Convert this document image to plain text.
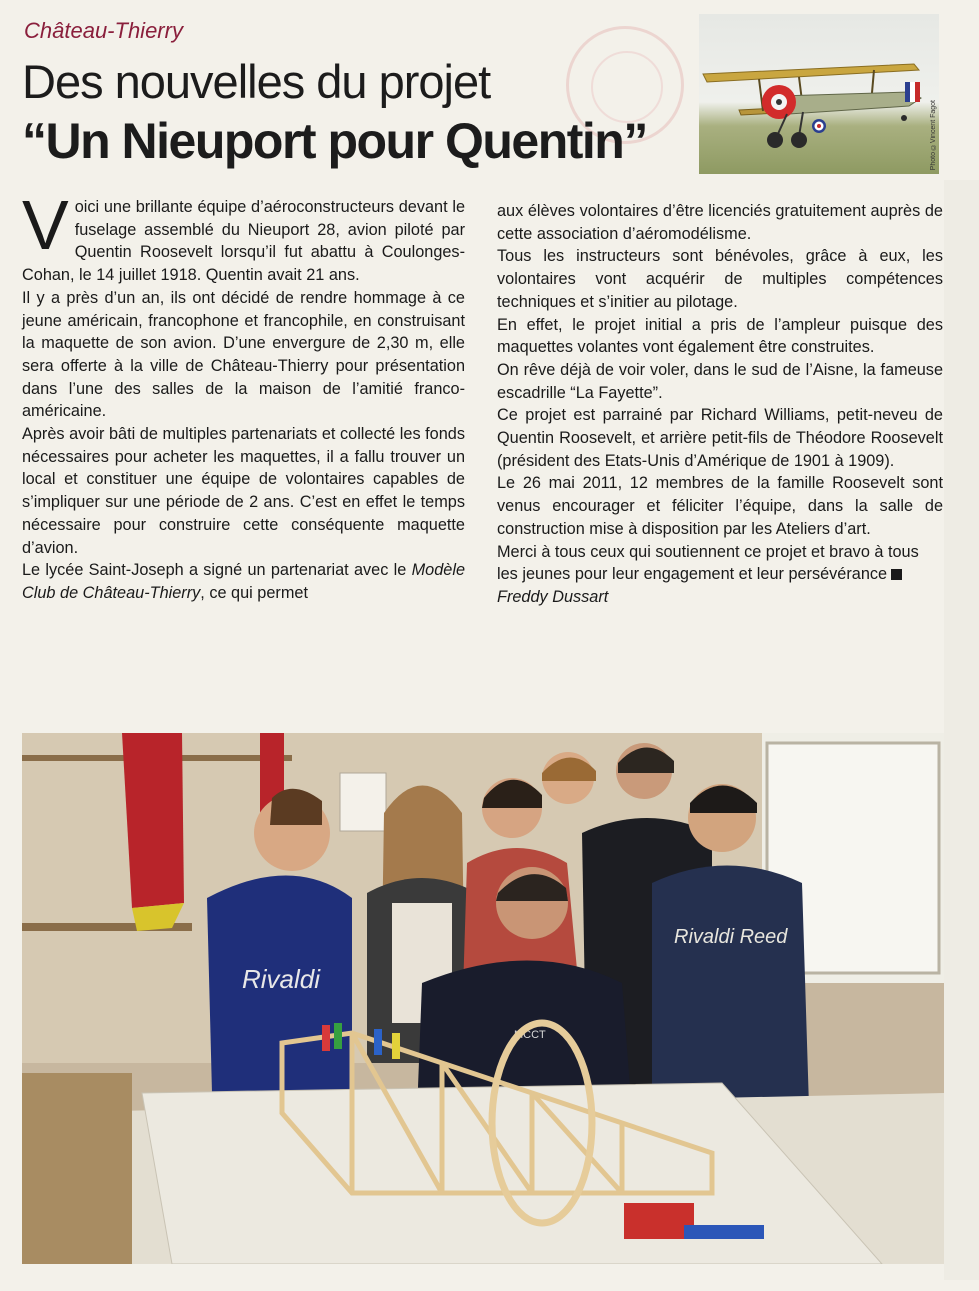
Château-Thierry
Des nouvelles du projet
“Un Nieuport pour Quentin”	Photo ©Vincent Fagot

Voici une brillante équipe d’aéroconstructeurs devant le fuselage assemblé du Nieuport 28, avion piloté par Quentin Roosevelt lorsqu’il fut abattu à Coulonges-Cohan, le 14 juillet 1918. Quentin avait 21 ans.

Il y a près d’un an, ils ont décidé de rendre hommage à ce jeune américain, francophone et francophile, en construisant la maquette de son avion. D’une envergure de 2,30 m, elle sera offerte à la ville de Château-Thierry pour présentation dans l’une des salles de la maison de l’amitié franco-américaine.

Après avoir bâti de multiples partenariats et collecté les fonds nécessaires pour acheter les maquettes, il a fallu trouver un local et constituer une équipe de volontaires capables de s’impliquer sur une période de 2 ans. C’est en effet le temps nécessaire pour construire cette conséquente maquette d’avion.

Le lycée Saint-Joseph a signé un partenariat avec le Modèle Club de Château-Thierry, ce qui permet

aux élèves volontaires d’être licenciés gratuitement auprès de cette association d’aéromodélisme.

Tous les instructeurs sont bénévoles, grâce à eux, les volontaires vont acquérir de multiples compétences techniques et s’initier au pilotage.

En effet, le projet initial a pris de l’ampleur puisque des maquettes volantes vont également être construites.

On rêve déjà de voir voler, dans le sud de l’Aisne, la fameuse escadrille “La Fayette”.

Ce projet est parrainé par Richard Williams, petit-neveu de Quentin Roosevelt, et arrière petit-fils de Théodore Roosevelt (président des Etats-Unis d’Amérique de 1901 à 1909).

Le 26 mai 2011, 12 membres de la famille Roosevelt sont venus encourager et féliciter l’équipe, dans la salle de construction mise à disposition par les Ateliers d’art.

Merci à tous ceux qui soutiennent ce projet et bravo à tous les jeunes pour leur engagement et leur persévéranceFreddy Dussart

Rivaldi
Rivaldi Reed
MCCT
